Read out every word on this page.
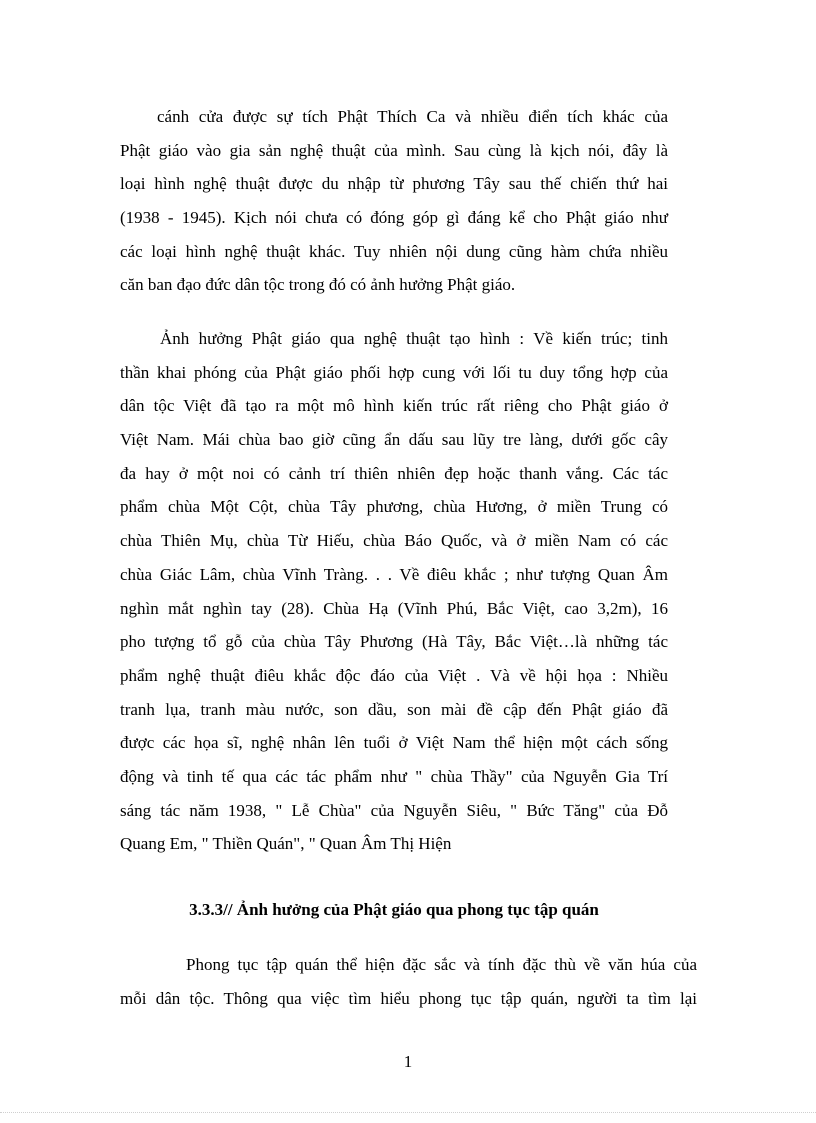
cánh cửa được sự tích Phật Thích Ca và nhiều điển tích khác của
Phật giáo vào gia sản nghệ thuật của mình. Sau cùng là kịch nói, đây là
loại hình nghệ thuật được du nhập từ phương Tây sau thế chiến thứ hai
(1938 - 1945). Kịch nói chưa có đóng góp gì đáng kể cho Phật giáo như
các loại hình nghệ thuật khác. Tuy nhiên nội dung cũng hàm chứa nhiều
căn ban đạo đức dân tộc trong đó có ảnh hưởng Phật giáo.
Ảnh hưởng Phật giáo qua nghệ thuật tạo hình : Về kiến trúc; tinh
thần khai phóng của Phật giáo phối hợp cung với lối tu duy tổng hợp của
dân tộc Việt đã tạo ra một mô hình kiến trúc rất riêng cho Phật giáo ở
Việt Nam. Mái chùa bao giờ cũng ẩn dấu sau lũy tre làng, dưới gốc cây
đa hay ở một noi có cảnh trí thiên nhiên đẹp hoặc thanh vắng. Các tác
phẩm chùa Một Cột, chùa Tây phương, chùa Hương, ở miền Trung có
chùa Thiên Mụ, chùa Từ Hiếu, chùa Báo Quốc, và ở miền Nam có các
chùa Giác Lâm, chùa Vĩnh Tràng. . . Về điêu khắc ; như tượng Quan Âm
nghìn mắt nghìn tay (28). Chùa Hạ (Vĩnh Phú, Bắc Việt, cao 3,2m), 16
pho tượng tổ gỗ của chùa Tây Phương (Hà Tây, Bắc Việt…là những tác
phẩm nghệ thuật điêu khắc độc đáo của Việt . Và về hội họa : Nhiều
tranh lụa, tranh màu nước, son dầu, son mài đề cập đến Phật giáo đã
được các họa sĩ, nghệ nhân lên tuổi ở Việt Nam thể hiện một cách sống
động và tinh tế qua các tác phẩm như " chùa Thầy" của Nguyễn Gia Trí
sáng tác năm 1938, " Lễ Chùa" của Nguyễn Siêu, " Bức Tăng" của Đỗ
Quang Em, " Thiền Quán", " Quan Âm Thị Hiện
3.3.3// Ảnh hưởng của Phật giáo qua phong tục tập quán
Phong tục tập quán thể hiện đặc sắc và tính đặc thù về văn húa của
mỗi dân tộc. Thông qua việc tìm hiểu phong tục tập quán, người ta tìm lại
1
